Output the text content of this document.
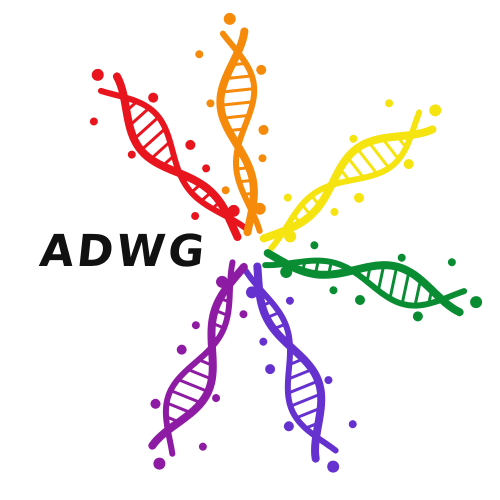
ADWG
